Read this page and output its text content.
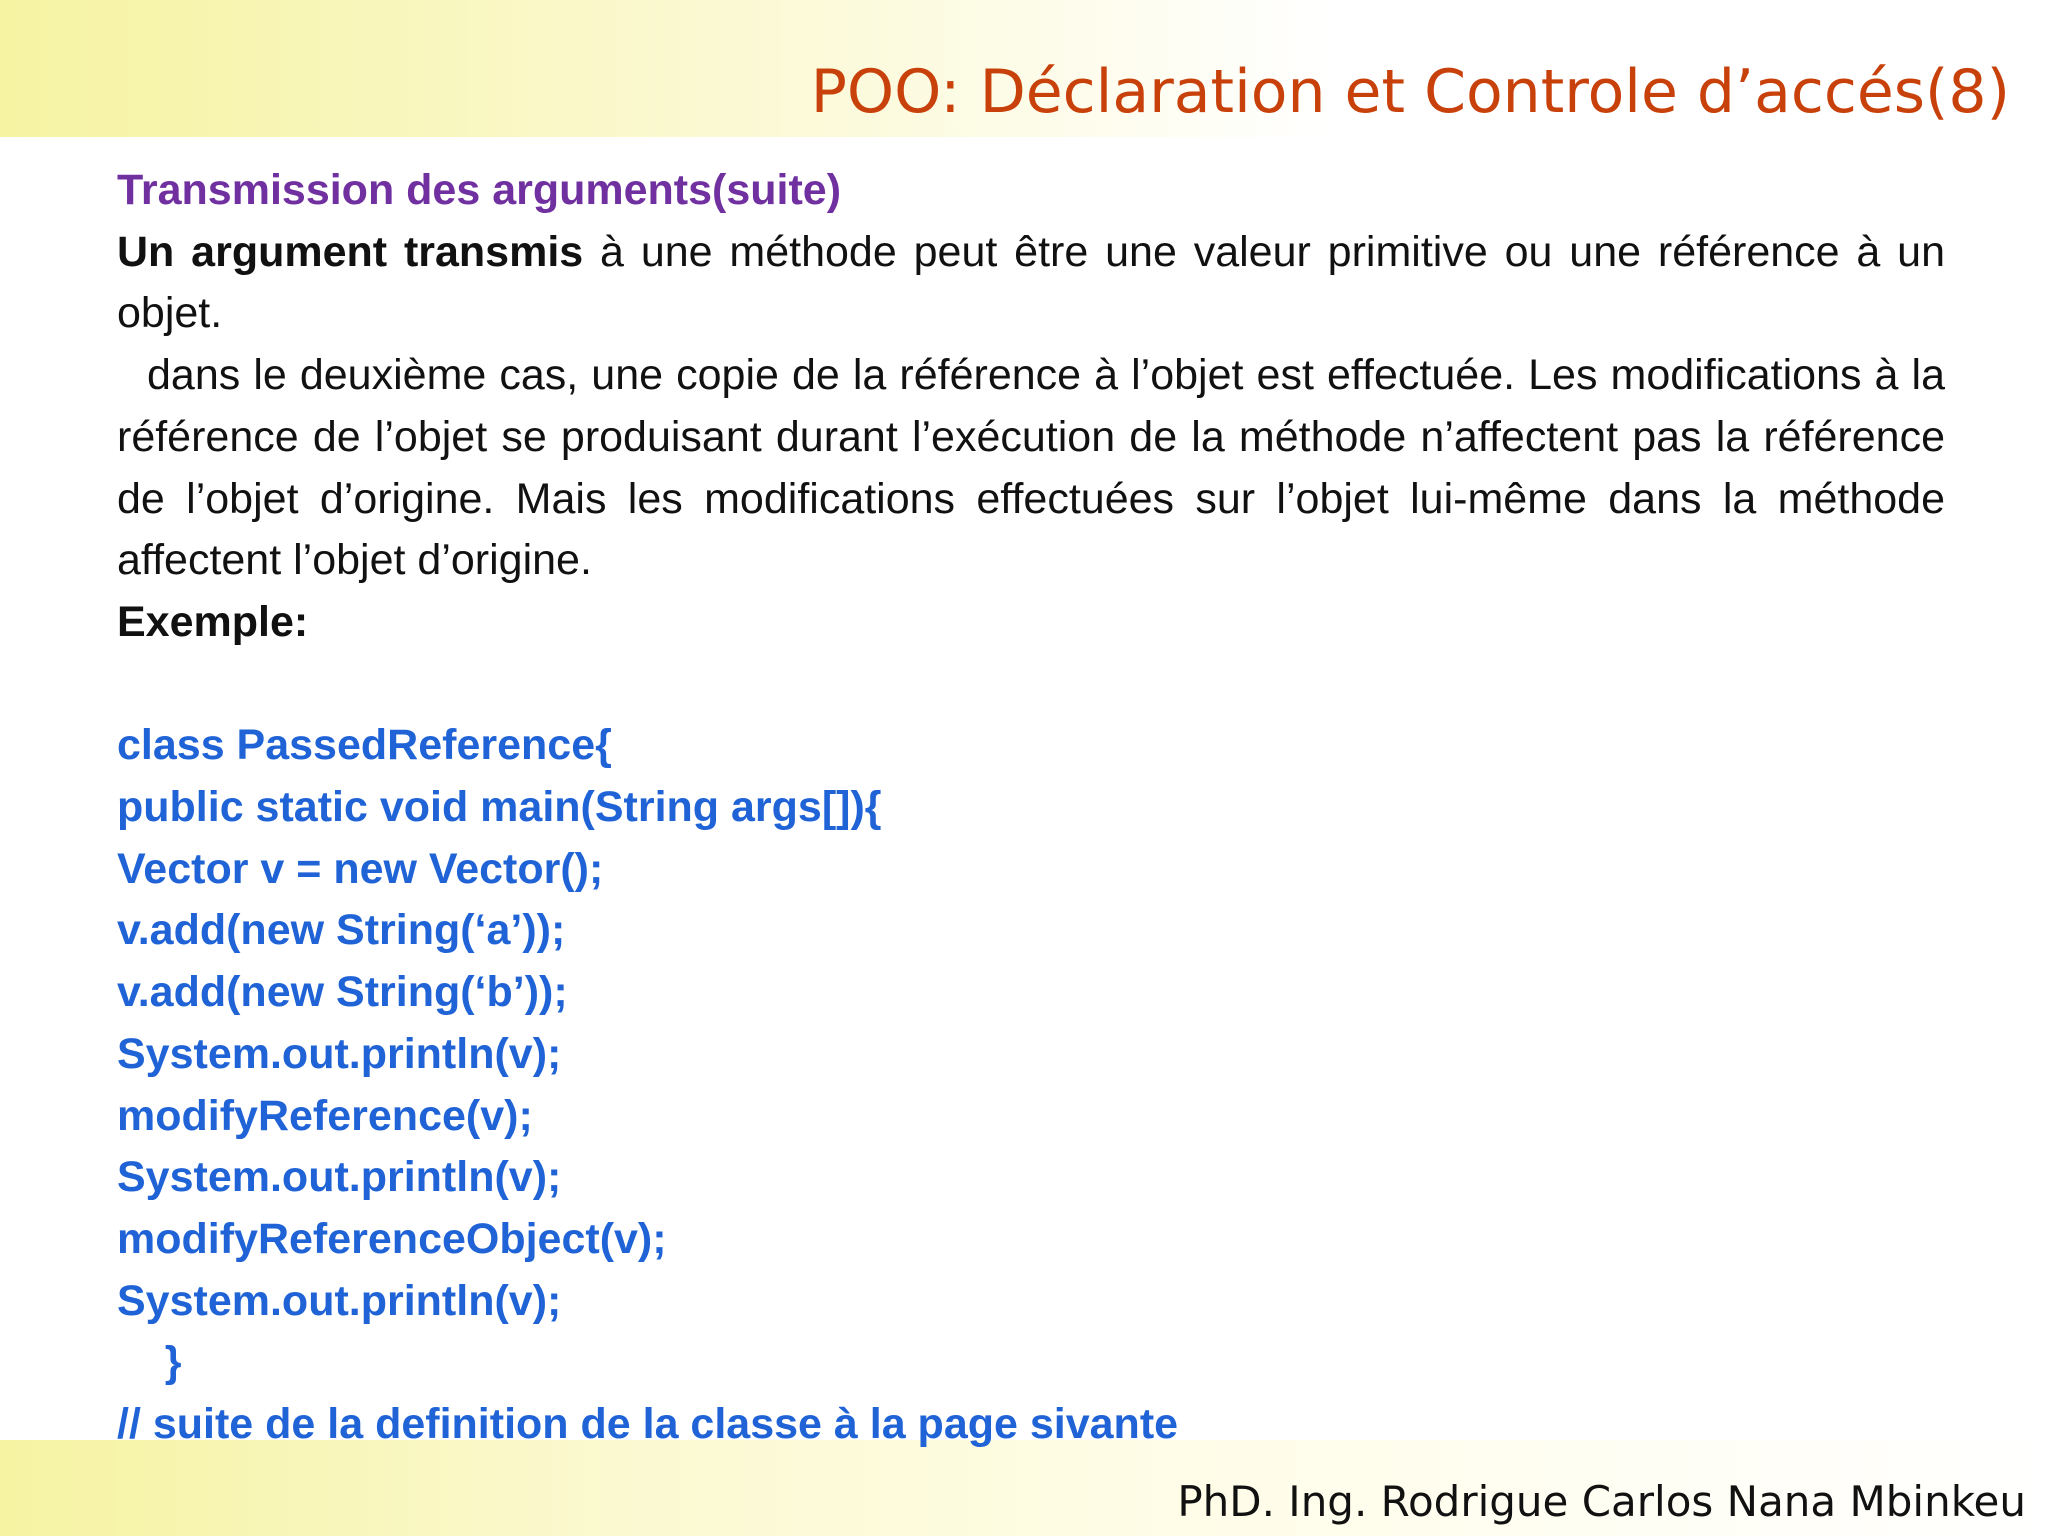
POO: Déclaration et Controle d’accés(8)

Transmission des arguments(suite)

Un argument transmis à une méthode peut être une valeur primitive ou une référence à un objet.

dans le deuxième cas, une copie de la référence à l’objet est effectuée. Les modifications à la référence de l’objet se produisant durant l’exécution de la méthode n’affectent pas la référence de l’objet d’origine. Mais les modifications effectuées sur l’objet lui-même dans la méthode affectent l’objet d’origine.

Exemple:

class PassedReference{
public static void main(String args[]){
Vector v = new Vector();
v.add(new String(‘a’));
v.add(new String(‘b’));
System.out.println(v);
modifyReference(v);
System.out.println(v);
modifyReferenceObject(v);
System.out.println(v);
}
// suite de la definition de la classe à la page sivante
PhD. Ing. Rodrigue Carlos Nana Mbinkeu
